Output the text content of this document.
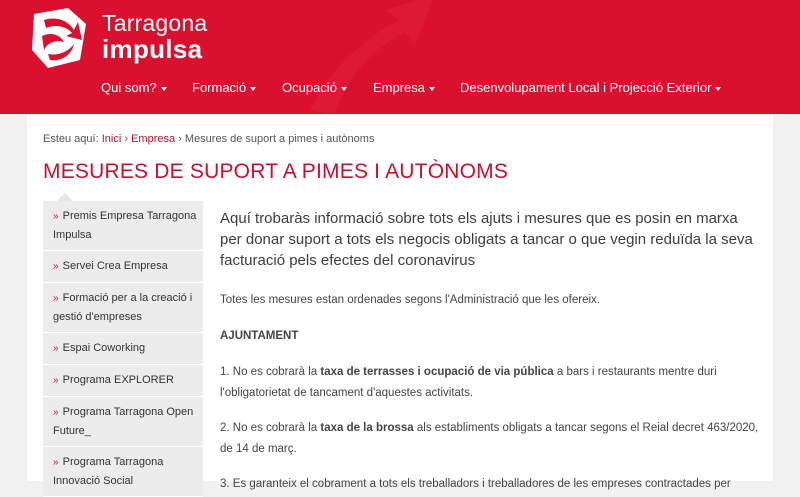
Tarragona
impulsa
Qui som?	Formació	Ocupació	Empresa	Desenvolupament Local i Projecció Exterior
Esteu aquí: Inici › Empresa › Mesures de suport a pimes i autònoms
MESURES DE SUPORT A PIMES I AUTÒNOMS
» Premis Empresa Tarragona Impulsa
» Servei Crea Empresa
» Formació per a la creació i gestió d'empreses
» Espai Coworking
» Programa EXPLORER
» Programa Tarragona Open Future_
» Programa Tarragona Innovació Social

Aquí trobaràs informació sobre tots els ajuts i mesures que es posin en marxa per donar suport a tots els negocis obligats a tancar o que vegin reduïda la seva facturació pels efectes del coronavirus

Totes les mesures estan ordenades segons l'Administració que les ofereix.

AJUNTAMENT

1. No es cobrarà la taxa de terrasses i ocupació de via pública a bars i restaurants mentre duri l'obligatorietat de tancament d'aquestes activitats.

2. No es cobrarà la taxa de la brossa als establiments obligats a tancar segons el Reial decret 463/2020, de 14 de març.

3. Es garanteix el cobrament a tots els treballadors i treballadores de les empreses contractades per
